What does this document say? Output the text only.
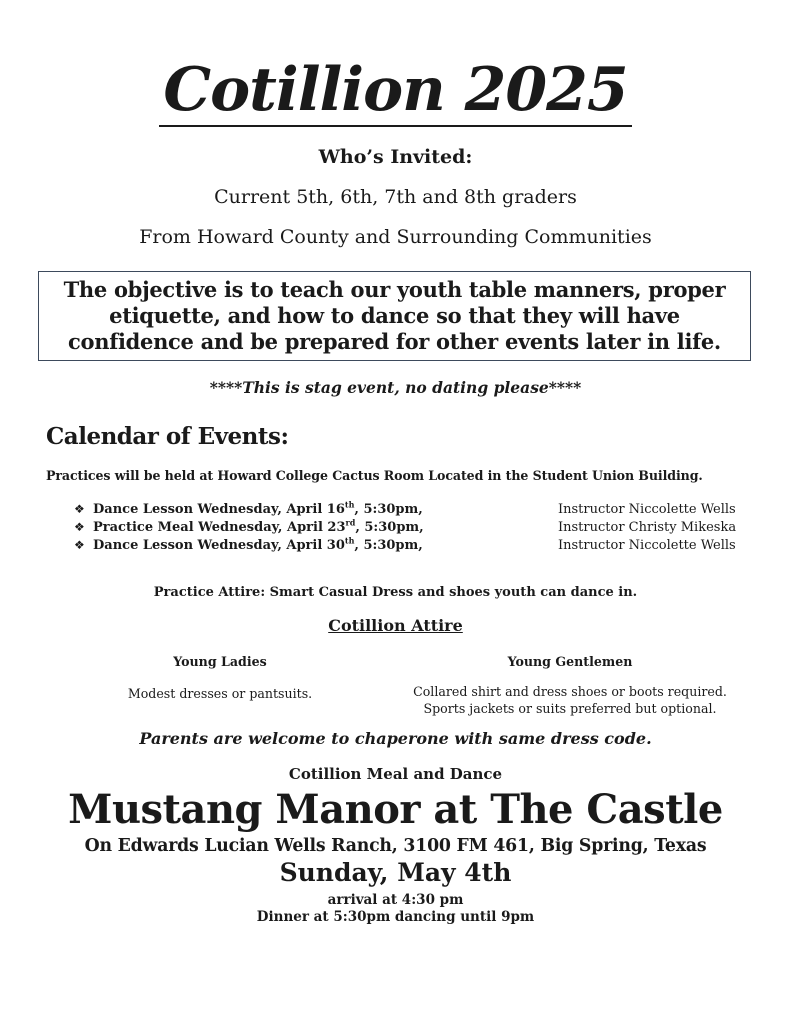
Cotillion 2025
Who’s Invited:
Current 5th, 6th, 7th and 8th graders
From Howard County and Surrounding Communities
The objective is to teach our youth table manners, proper etiquette, and how to dance so that they will have confidence and be prepared for other events later in life.
****This is stag event, no dating please****
Calendar of Events:
Practices will be held at Howard College Cactus Room Located in the Student Union Building.
❖ Dance Lesson Wednesday, April 16th, 5:30pm,	Instructor Niccolette Wells
❖ Practice Meal Wednesday, April 23rd, 5:30pm,	Instructor Christy Mikeska
❖ Dance Lesson Wednesday, April 30th, 5:30pm,	Instructor Niccolette Wells
Practice Attire: Smart Casual Dress and shoes youth can dance in.
Cotillion Attire
Young Ladies
Modest dresses or pantsuits.
Young Gentlemen
Collared shirt and dress shoes or boots required.
Sports jackets or suits preferred but optional.
Parents are welcome to chaperone with same dress code.
Cotillion Meal and Dance
Mustang Manor at The Castle
On Edwards Lucian Wells Ranch, 3100 FM 461, Big Spring, Texas
Sunday, May 4th
arrival at 4:30 pm
Dinner at 5:30pm dancing until 9pm
